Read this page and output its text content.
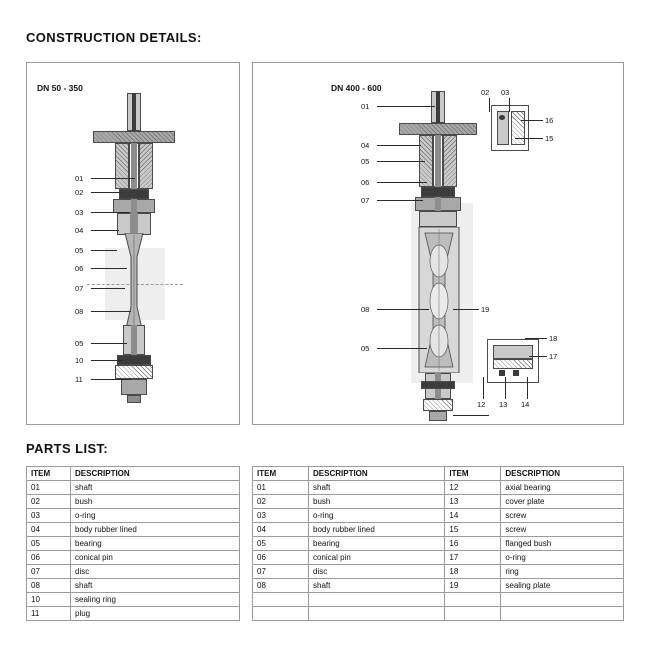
CONSTRUCTION DETAILS:
PARTS LIST:
DN 50 - 350
01
02
03
04
05
06
07
08
05
10
11
DN 400 - 600
01
04
05
06
07
08
05
02 03
16
15
19
18
17
12 13 14
ITEM	DESCRIPTION
01	shaft
02	bush
03	o-ring
04	body rubber lined
05	bearing
06	conical pin
07	disc
08	shaft
10	sealing ring
11	plug
ITEM	DESCRIPTION	ITEM	DESCRIPTION
01	shaft	12	axial bearing
02	bush	13	cover plate
03	o-ring	14	screw
04	body rubber lined	15	screw
05	bearing	16	flanged bush
06	conical pin	17	o-ring
07	disc	18	ring
08	shaft	19	sealing plate
